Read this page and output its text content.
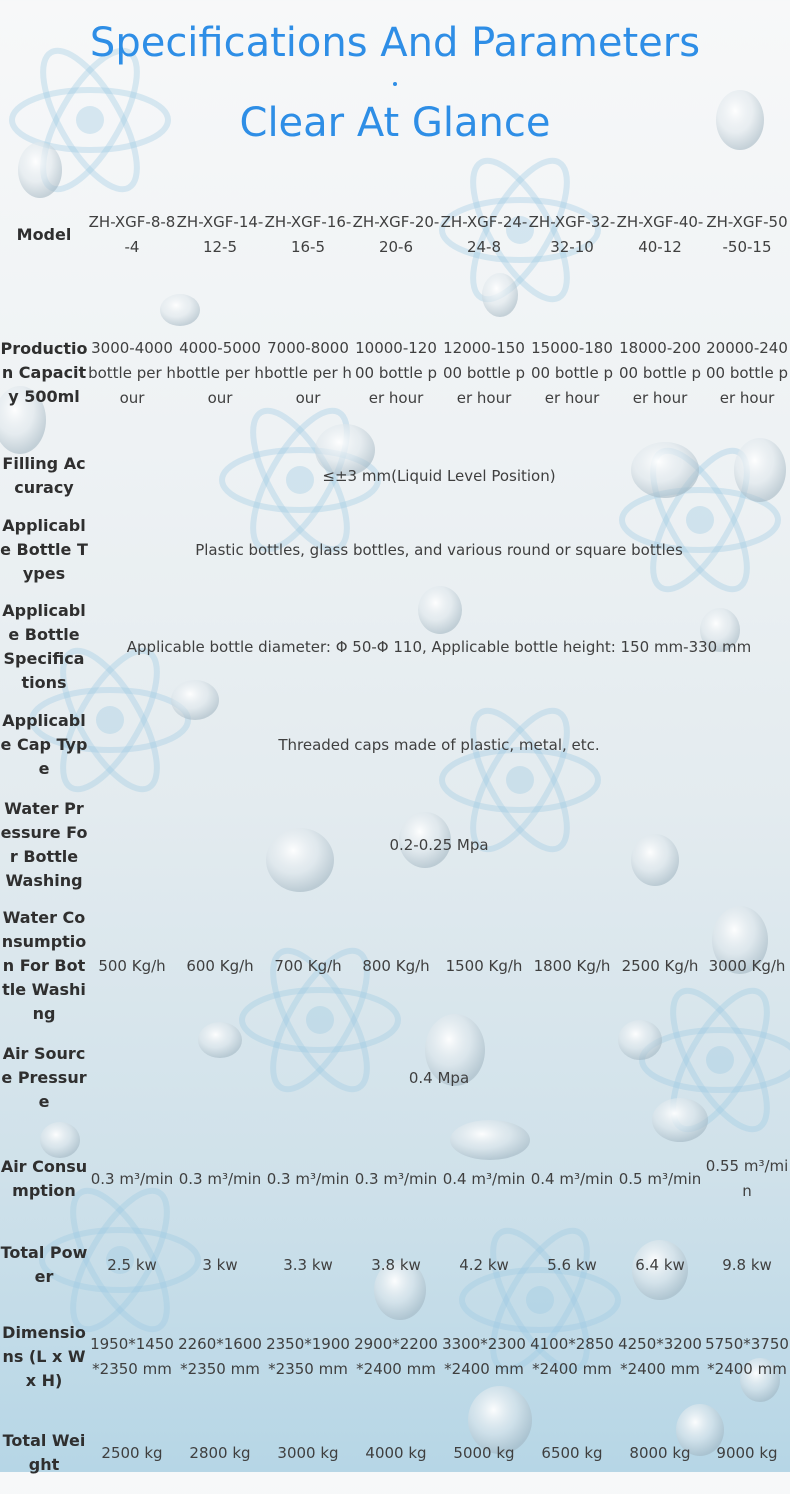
Specifications And Parameters
Clear At Glance
Model	ZH-XGF-8-8-4	ZH-XGF-14-12-5	ZH-XGF-16-16-5	ZH-XGF-20-20-6	ZH-XGF-24-24-8	ZH-XGF-32-32-10	ZH-XGF-40-40-12	ZH-XGF-50-50-15

Production Capacity 500ml	3000-4000 bottle per hour	4000-5000 bottle per hour	7000-8000 bottle per hour	10000-12000 bottle per hour	12000-15000 bottle per hour	15000-18000 bottle per hour	18000-20000 bottle per hour	20000-24000 bottle per hour

Filling Accuracy	≤±3 mm(Liquid Level Position)							
Applicable Bottle Types	Plastic bottles, glass bottles, and various round or square bottles							
Applicable Bottle Specifications	Applicable bottle diameter: Φ 50-Φ 110, Applicable bottle height: 150 mm-330 mm							
Applicable Cap Type	Threaded caps made of plastic, metal, etc.							
Water Pressure For Bottle Washing	0.2-0.25 Mpa							
Water Consumption For Bottle Washing	500 Kg/h	600 Kg/h	700 Kg/h	800 Kg/h	1500 Kg/h	1800 Kg/h	2500 Kg/h	3000 Kg/h
Air Source Pressure	0.4 Mpa							
Air Consumption	0.3 m³/min	0.3 m³/min	0.3 m³/min	0.3 m³/min	0.4 m³/min	0.4 m³/min	0.5 m³/min	0.55 m³/min
Total Power	2.5 kw	3 kw	3.3 kw	3.8 kw	4.2 kw	5.6 kw	6.4 kw	9.8 kw
Dimensions (L x W x H)	1950*1450*2350 mm	2260*1600*2350 mm	2350*1900*2350 mm	2900*2200*2400 mm	3300*2300*2400 mm	4100*2850*2400 mm	4250*3200*2400 mm	5750*3750*2400 mm
Total Weight	2500 kg	2800 kg	3000 kg	4000 kg	5000 kg	6500 kg	8000 kg	9000 kg
